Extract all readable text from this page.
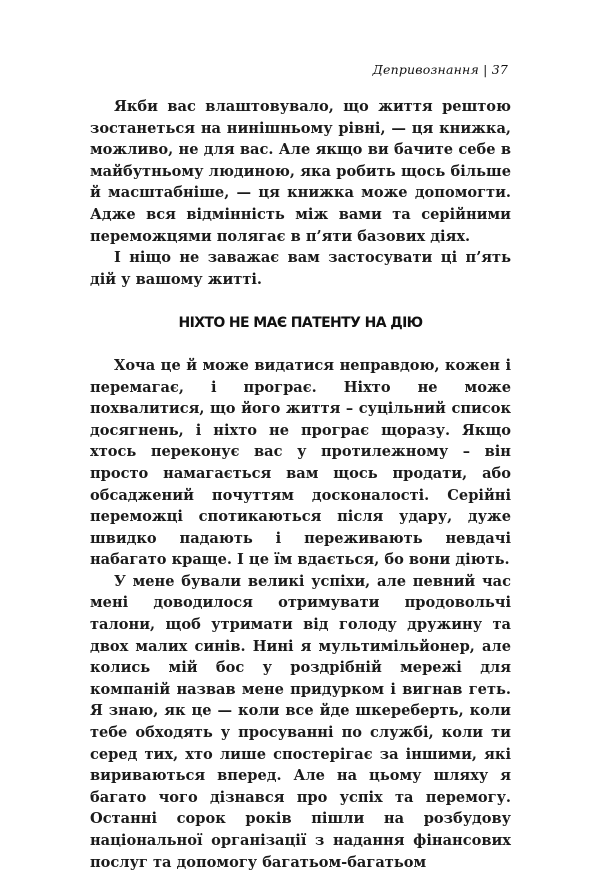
Депривознання | 37

Якби вас влаштовувало, що життя рештою зостанеться на нинішньому рівні, — ця книжка, можливо, не для вас. Але якщо ви бачите себе в майбутньому людиною, яка робить щось більше й масштабніше, — ця книжка може допомогти. Адже вся відмінність між вами та серійними переможцями полягає в п’яти базових діях.

І ніщо не заважає вам застосувати ці п’ять дій у вашому житті.

НІХТО НЕ МАЄ ПАТЕНТУ НА ДІЮ

Хоча це й може видатися неправдою, кожен і перемагає, і програє. Ніхто не може похвалитися, що його життя – суцільний список досягнень, і ніхто не програє щоразу. Якщо хтось переконує вас у протилежному – він просто намагається вам щось продати, або обсаджений почуттям досконалості. Серійні переможці спотикаються після удару, дуже швидко падають і переживають невдачі набагато краще. І це їм вдається, бо вони діють.

У мене бували великі успіхи, але певний час мені доводилося отримувати продовольчі талони, щоб утримати від голоду дружину та двох малих синів. Нині я мультимільйонер, але колись мій бос у роздрібній мережі для компаній назвав мене придурком і вигнав геть. Я знаю, як це — коли все йде шкереберть, коли тебе обходять у просуванні по службі, коли ти серед тих, хто лише спостерігає за іншими, які вириваються вперед. Але на цьому шляху я багато чого дізнався про успіх та перемогу. Останні сорок років пішли на розбудову національної організації з надання фінансових послуг та допомогу багатьом-багатьом
